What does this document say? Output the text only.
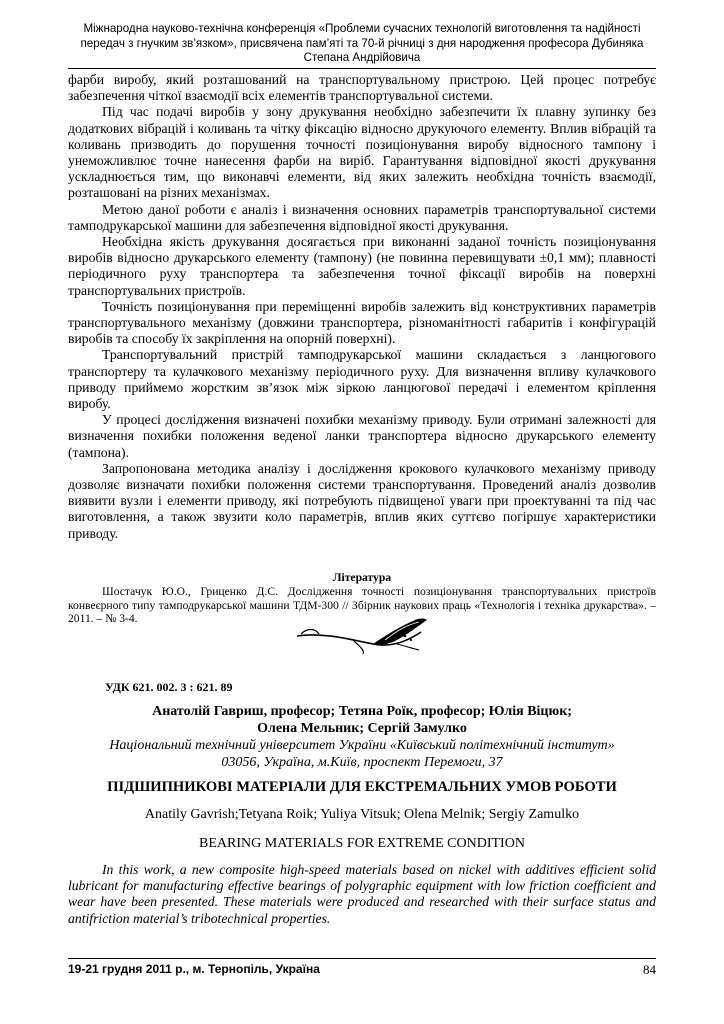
Міжнародна науково-технічна конференція «Проблеми сучасних технологій виготовлення та надійності передач з гнучким зв’язком», присвячена пам’яті та 70-й річниці з дня народження професора Дубиняка Степана Андрійовича

фарби виробу, який розташований на транспортувальному пристрою. Цей процес потребує забезпечення чіткої взаємодії всіх елементів транспортувальної системи.

Під час подачі виробів у зону друкування необхідно забезпечити їх плавну зупинку без додаткових вібрацій і коливань та чітку фіксацію відносно друкуючого елементу. Вплив вібрацій та коливань призводить до порушення точності позиціонування виробу відносного тампону і унеможливлює точне нанесення фарби на виріб. Гарантування відповідної якості друкування ускладнюється тим, що виконавчі елементи, від яких залежить необхідна точність взаємодії, розташовані на різних механізмах.

Метою даної роботи є аналіз і визначення основних параметрів транспортувальної системи тамподрукарської машини для забезпечення відповідної якості друкування.

Необхідна якість друкування досягається при виконанні заданої точність позиціонування виробів відносно друкарського елементу (тампону) (не повинна перевищувати ±0,1 мм); плавності періодичного руху транспортера та забезпечення точної фіксації виробів на поверхні транспортувальних пристроїв.

Точність позиціонування при переміщенні виробів залежить від конструктивних параметрів транспортувального механізму (довжини транспортера, різноманітності габаритів і конфігурацій виробів та способу їх закріплення на опорній поверхні).

Транспортувальний пристрій тамподрукарської машини складається з ланцюгового транспортеру та кулачкового механізму періодичного руху. Для визначення впливу кулачкового приводу приймемо жорстким зв’язок між зіркою ланцюгової передачі і елементом кріплення виробу.

У процесі дослідження визначені похибки механізму приводу. Були отримані залежності для визначення похибки положення веденої ланки транспортера відносно друкарського елементу (тампона).

Запропонована методика аналізу і дослідження крокового кулачкового механізму приводу дозволяє визначати похибки положення системи транспортування. Проведений аналіз дозволив виявити вузли і елементи приводу, які потребують підвищеної уваги при проектуванні та під час виготовлення, а також звузити коло параметрів, вплив яких суттєво погіршує характеристики приводу.

Література

Шостачук Ю.О., Гриценко Д.С. Дослідження точності позиціонування транспортувальних пристроїв конвеєрного типу тамподрукарської машини ТДМ-300 // Збірник наукових праць «Технологія і техніка друкарства». – 2011. – № 3-4.

УДК 621. 002. 3 : 621. 89
Анатолій Гавриш, професор; Тетяна Роїк, професор; Юлія Віцюк;
Олена Мельник; Сергій Замулко
Національний технічний університет України «Київський політехнічний інститут»
03056, Україна, м.Київ, проспект Перемоги, 37
ПІДШИПНИКОВІ МАТЕРІАЛИ ДЛЯ ЕКСТРЕМАЛЬНИХ УМОВ РОБОТИ
Anatily Gavrish;Tetyana Roik; Yuliya Vitsuk; Olena Melnik; Sergiy Zamulko
BEARING MATERIALS FOR EXTREME CONDITION

In this work, a new composite high-speed materials based on nickel with additives efficient solid lubricant for manufacturing effective bearings of polygraphic equipment with low friction coefficient and wear have been presented. These materials were produced and researched with their surface status and antifriction material’s tribotechnical properties.

19-21 грудня 2011 р., м. Тернопіль, Україна	84
